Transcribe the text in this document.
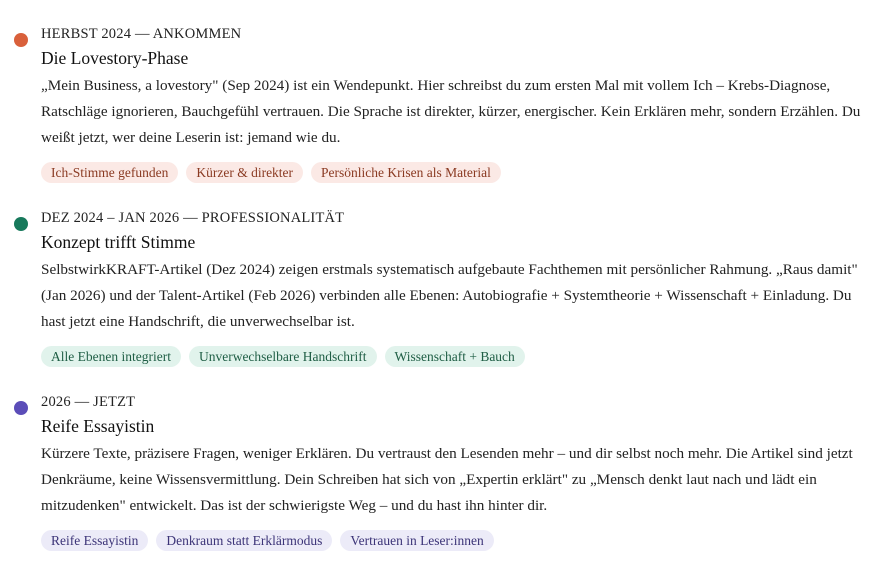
HERBST 2024 — ANKOMMEN
Die Lovestory-Phase
„Mein Business, a lovestory" (Sep 2024) ist ein Wendepunkt. Hier schreibst du zum ersten Mal mit vollem Ich – Krebs-Diagnose, Ratschläge ignorieren, Bauchgefühl vertrauen. Die Sprache ist direkter, kürzer, energischer. Kein Erklären mehr, sondern Erzählen. Du weißt jetzt, wer deine Leserin ist: jemand wie du.
Ich-Stimme gefunden	Kürzer & direkter	Persönliche Krisen als Material
DEZ 2024 – JAN 2026 — PROFESSIONALITÄT
Konzept trifft Stimme
SelbstwirkKRAFT-Artikel (Dez 2024) zeigen erstmals systematisch aufgebaute Fachthemen mit persönlicher Rahmung. „Raus damit" (Jan 2026) und der Talent-Artikel (Feb 2026) verbinden alle Ebenen: Autobiografie + Systemtheorie + Wissenschaft + Einladung. Du hast jetzt eine Handschrift, die unverwechselbar ist.
Alle Ebenen integriert	Unverwechselbare Handschrift	Wissenschaft + Bauch
2026 — JETZT
Reife Essayistin
Kürzere Texte, präzisere Fragen, weniger Erklären. Du vertraust den Lesenden mehr – und dir selbst noch mehr. Die Artikel sind jetzt Denkräume, keine Wissensvermittlung. Dein Schreiben hat sich von „Expertin erklärt" zu „Mensch denkt laut nach und lädt ein mitzudenken" entwickelt. Das ist der schwierigste Weg – und du hast ihn hinter dir.
Reife Essayistin	Denkraum statt Erklärmodus	Vertrauen in Leser:innen
